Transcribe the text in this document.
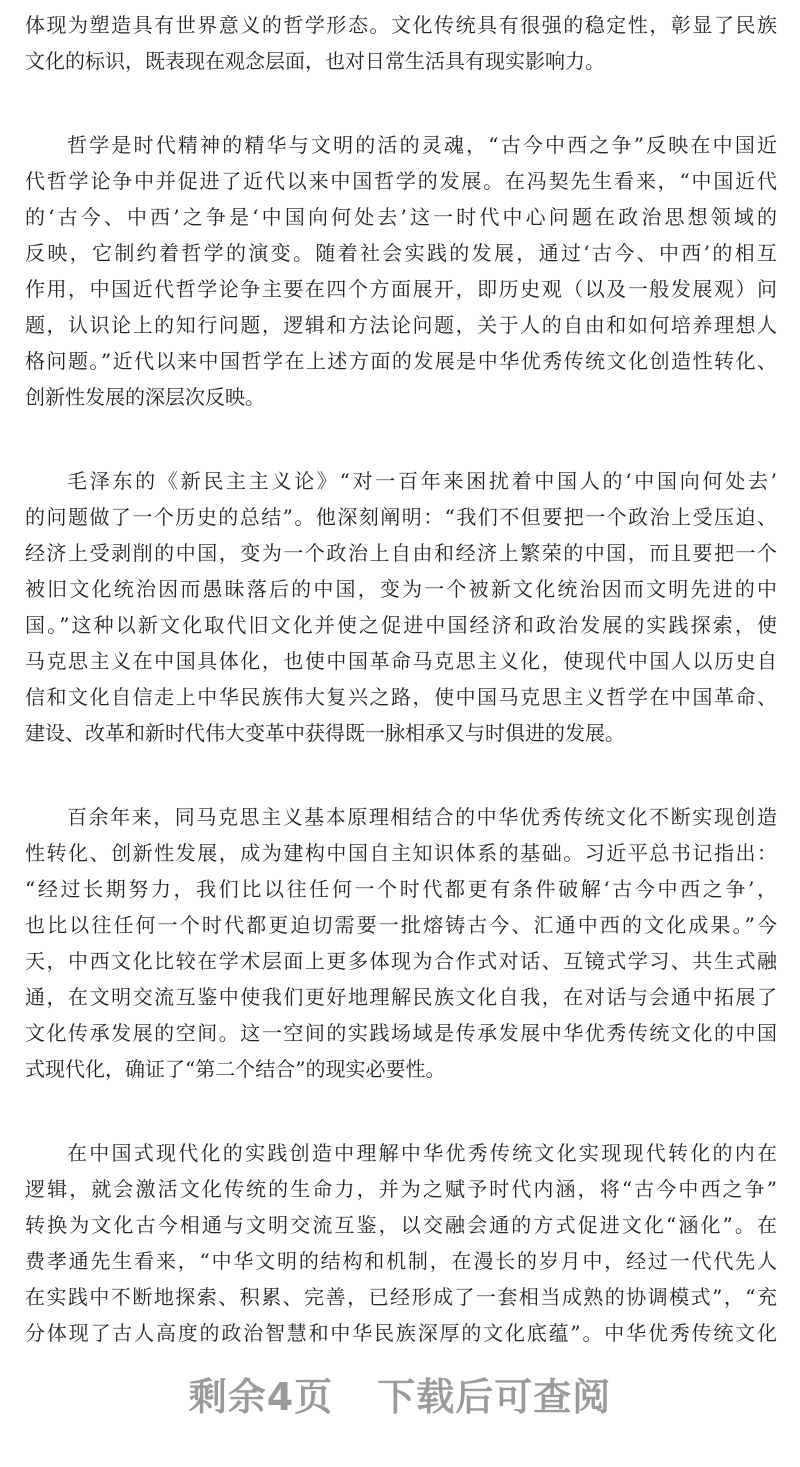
体现为塑造具有世界意义的哲学形态。文化传统具有很强的稳定性，彰显了民族
文化的标识，既表现在观念层面，也对日常生活具有现实影响力。
哲学是时代精神的精华与文明的活的灵魂，“古今中西之争”反映在中国近
代哲学论争中并促进了近代以来中国哲学的发展。在冯契先生看来，“中国近代
的‘古今、中西’之争是‘中国向何处去’这一时代中心问题在政治思想领域的
反映，它制约着哲学的演变。随着社会实践的发展，通过‘古今、中西’的相互
作用，中国近代哲学论争主要在四个方面展开，即历史观（以及一般发展观）问
题，认识论上的知行问题，逻辑和方法论问题，关于人的自由和如何培养理想人
格问题。”近代以来中国哲学在上述方面的发展是中华优秀传统文化创造性转化、
创新性发展的深层次反映。
毛泽东的《新民主主义论》“对一百年来困扰着中国人的‘中国向何处去’
的问题做了一个历史的总结”。他深刻阐明：“我们不但要把一个政治上受压迫、
经济上受剥削的中国，变为一个政治上自由和经济上繁荣的中国，而且要把一个
被旧文化统治因而愚昧落后的中国，变为一个被新文化统治因而文明先进的中
国。”这种以新文化取代旧文化并使之促进中国经济和政治发展的实践探索，使
马克思主义在中国具体化，也使中国革命马克思主义化，使现代中国人以历史自
信和文化自信走上中华民族伟大复兴之路，使中国马克思主义哲学在中国革命、
建设、改革和新时代伟大变革中获得既一脉相承又与时俱进的发展。
百余年来，同马克思主义基本原理相结合的中华优秀传统文化不断实现创造
性转化、创新性发展，成为建构中国自主知识体系的基础。习近平总书记指出：
“经过长期努力，我们比以往任何一个时代都更有条件破解‘古今中西之争’，
也比以往任何一个时代都更迫切需要一批熔铸古今、汇通中西的文化成果。”今
天，中西文化比较在学术层面上更多体现为合作式对话、互镜式学习、共生式融
通，在文明交流互鉴中使我们更好地理解民族文化自我，在对话与会通中拓展了
文化传承发展的空间。这一空间的实践场域是传承发展中华优秀传统文化的中国
式现代化，确证了“第二个结合”的现实必要性。
在中国式现代化的实践创造中理解中华优秀传统文化实现现代转化的内在
逻辑，就会激活文化传统的生命力，并为之赋予时代内涵，将“古今中西之争”
转换为文化古今相通与文明交流互鉴，以交融会通的方式促进文化“涵化”。在
费孝通先生看来，“中华文明的结构和机制，在漫长的岁月中，经过一代代先人
在实践中不断地探索、积累、完善，已经形成了一套相当成熟的协调模式”，“充
分体现了古人高度的政治智慧和中华民族深厚的文化底蕴”。中华优秀传统文化
剩余4页 下载后可查阅
